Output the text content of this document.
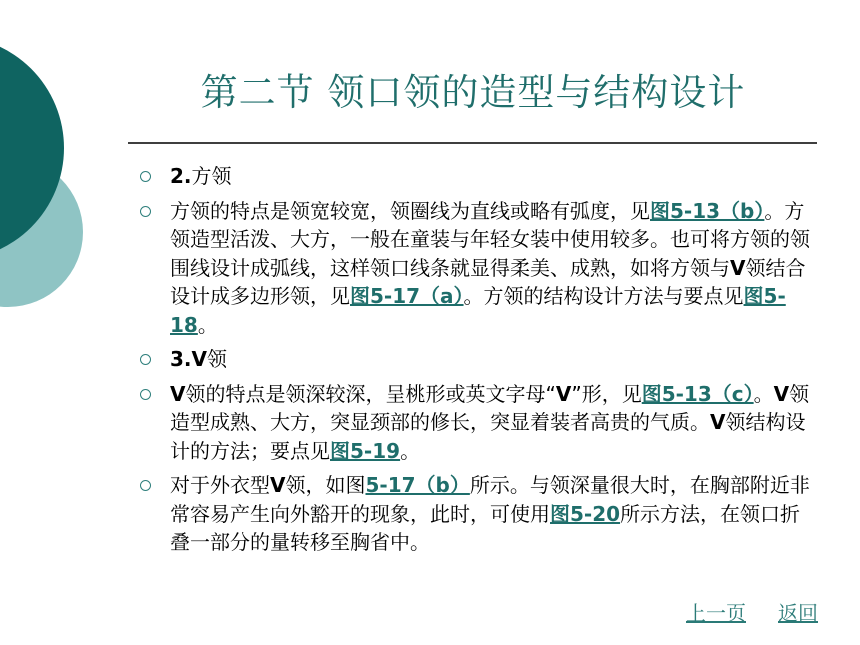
第二节 领口领的造型与结构设计
2.方领
方领的特点是领宽较宽，领圈线为直线或略有弧度，见图5-13（b）。方领造型活泼、大方，一般在童装与年轻女装中使用较多。也可将方领的领围线设计成弧线，这样领口线条就显得柔美、成熟，如将方领与V领结合设计成多边形领，见图5-17（a）。方领的结构设计方法与要点见图5-18。
3.V领
V领的特点是领深较深，呈桃形或英文字母“V”形，见图5-13（c）。V领造型成熟、大方，突显颈部的修长，突显着装者高贵的气质。V领结构设计的方法；要点见图5-19。
对于外衣型V领，如图5-17（b）所示。与领深量很大时，在胸部附近非常容易产生向外豁开的现象，此时，可使用图5-20所示方法，在领口折叠一部分的量转移至胸省中。
上一页 返回
